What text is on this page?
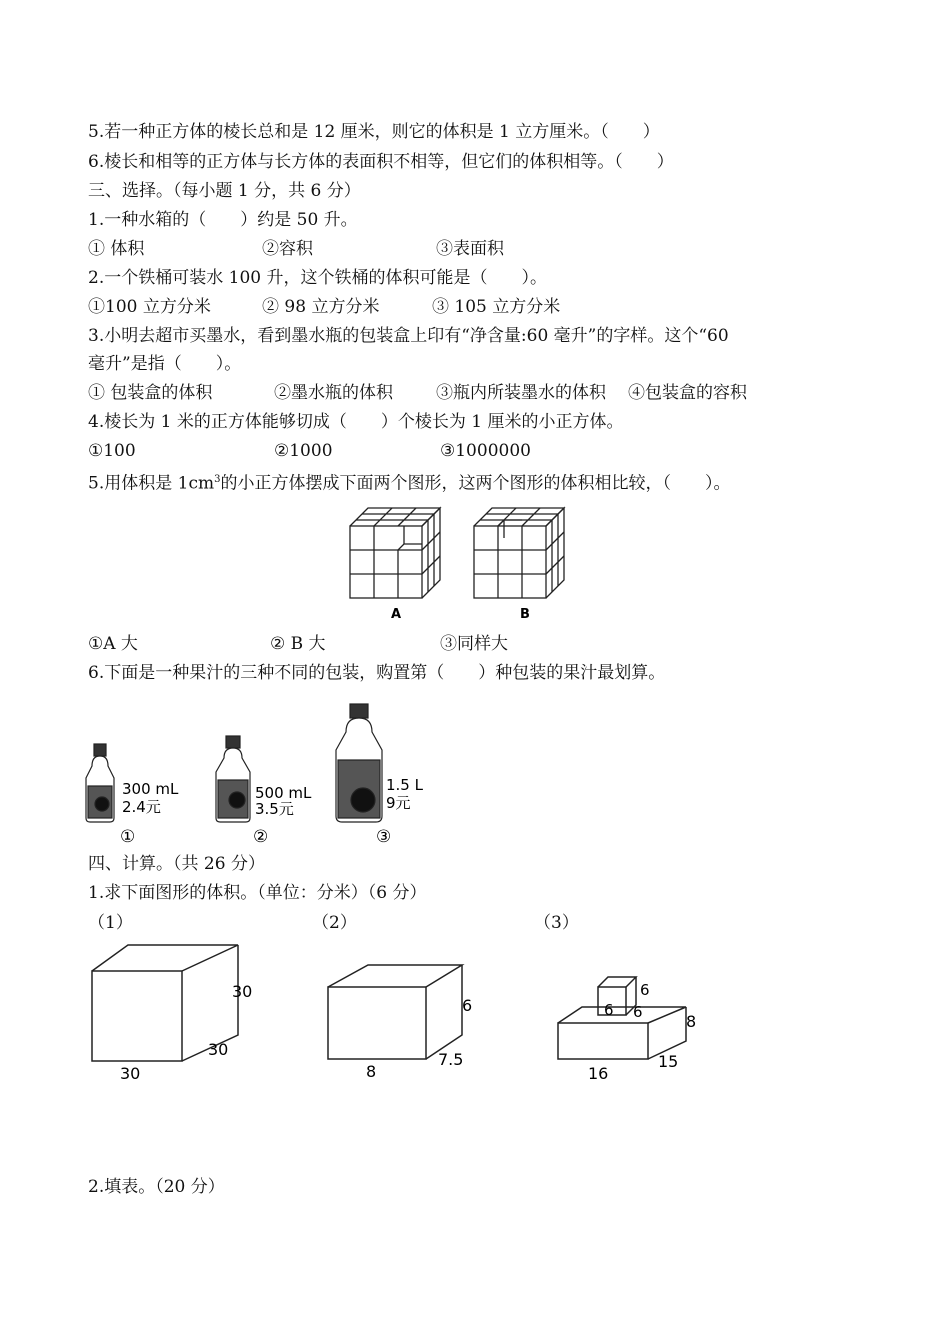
5.若一种正方体的棱长总和是 12 厘米，则它的体积是 1 立方厘米。（　　）
6.棱长和相等的正方体与长方体的表面积不相等，但它们的体积相等。（　　）
三、选择。（每小题 1 分，共 6 分）
1.一种水箱的（　　）约是 50 升。
① 体积	②容积	③表面积
2.一个铁桶可装水 100 升，这个铁桶的体积可能是（　　）。
①100 立方分米	② 98 立方分米	③ 105 立方分米
3.小明去超市买墨水，看到墨水瓶的包装盒上印有“净含量:60 毫升”的字样。这个“60
毫升”是指（　　）。
① 包装盒的体积	②墨水瓶的体积	③瓶内所装墨水的体积 ④包装盒的容积
4.棱长为 1 米的正方体能够切成（　　）个棱长为 1 厘米的小正方体。
①100	②1000	③1000000
5.用体积是 $1cm^3$的小正方体摆成下面两个图形，这两个图形的体积相比较，（　　）。
A	B
①A 大	② B 大	③同样大
6.下面是一种果汁的三种不同的包装，购置第（　　）种包装的果汁最划算。
300 mL
2.4元
①
500 mL
3.5元
②
1.5 L
9元
③
四、计算。（共 26 分）
1.求下面图形的体积。（单位：分米）（6 分）
（1）	（2）	（3）
30
30
30
6
8
7.5
6
6 6	8
16
15
2.填表。（20 分）
